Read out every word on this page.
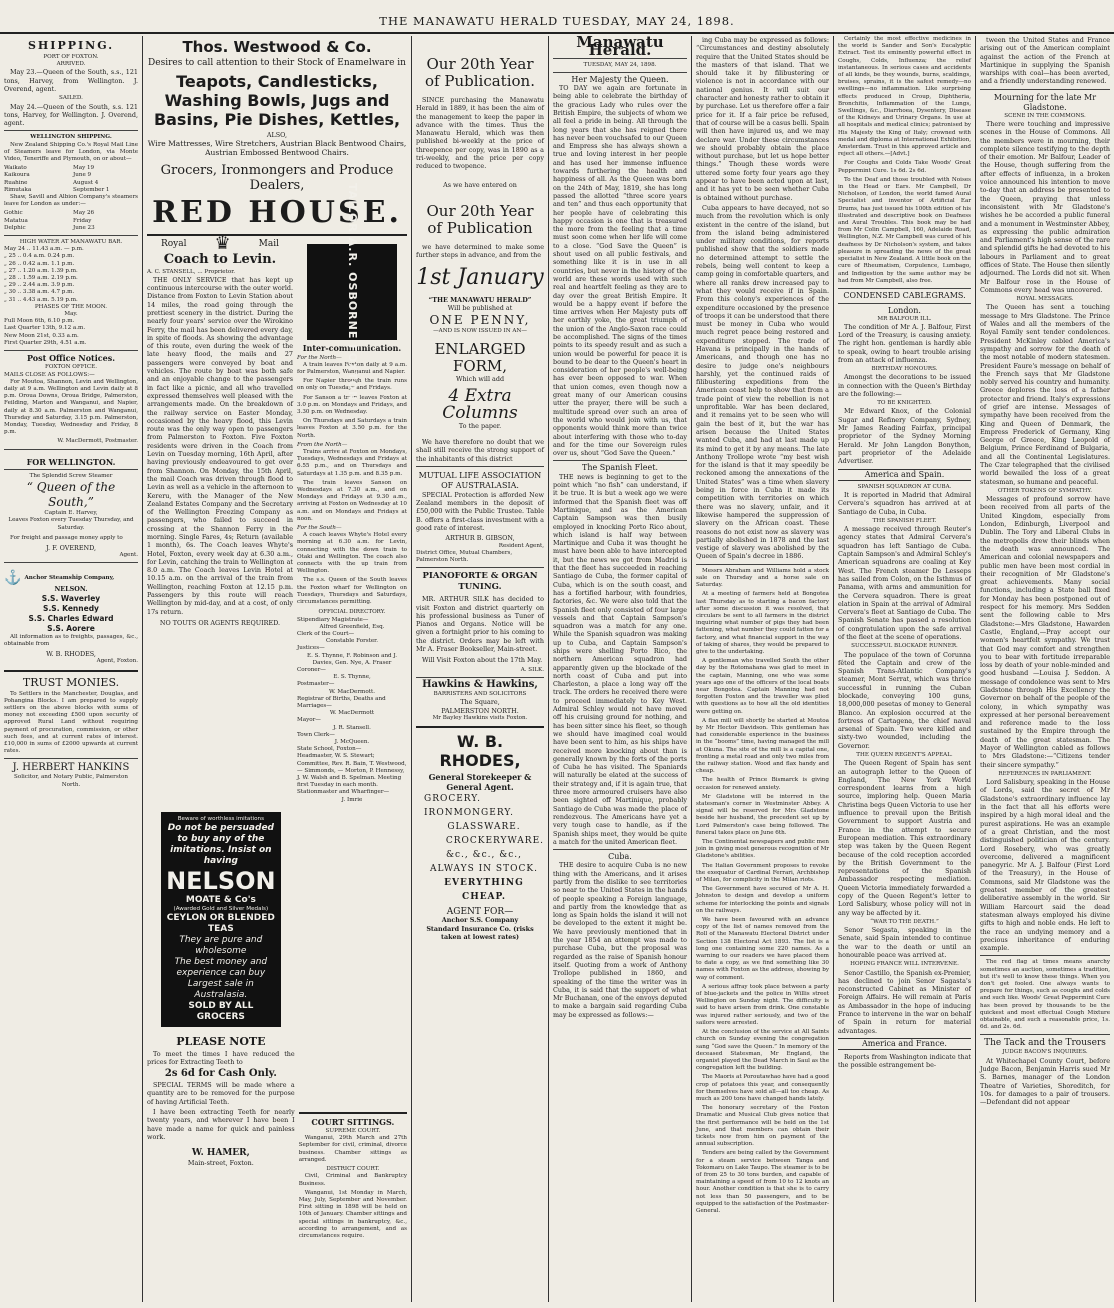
THE MANAWATU HERALD TUESDAY, MAY 24, 1898.
SHIPPING.
PORT OF FOXTON.
ARRIVED.
May 23.—Queen of the South, s.s., 121 tons, Harvey, from Wellington. J. Overend, agent.
SAILED.
May 24.—Queen of the South, s.s. 121 tons, Harvey, for Wellington. J. Overend, agent.
WELLINGTON SHIPPING.
New Zealand Shipping Co.'s Royal Mail Line of Steamers leave for London, via Monte Video, Teneriffe and Plymouth, on or about—
Waikato	May 19
Kaikoura	June 9
Ruahine	August 4
Rimutaka	September 1
Shaw, Savill and Albion Company's steamers leave for London as under:—
Gothic	May 26
Matatua	Friday
Delphic	June 23
HIGH WATER AT MANAWATU BAR.
May 24 .. 11.43 a.m. — p.m.
„ 25 .. 0.4 a.m. 0.24 p.m.
„ 26 .. 0.42 a.m. 1.1 p.m.
„ 27 .. 1.20 a.m. 1.39 p.m.
„ 28 .. 1.59 a.m. 2.19 p.m.
„ 29 .. 2.44 a.m. 3.9 p.m.
„ 30 .. 3.38 a.m. 4.7 p.m.
„ 31 .. 4.43 a.m. 5.19 p.m.
PHASES OF THE MOON.
May.
Full Moon 6th, 6.10 p.m.
Last Quarter 13th, 9.12 a.m.
New Moon 21st, 0.33 a.m.
First Quarter 29th, 4.51 a.m.
Post Office Notices.
FOXTON OFFICE.
MAILS CLOSE AS FOLLOWS:—
For Moutoa, Shannon, Levin and Wellington, daily at 9 a.m. Wellington and Levin daily at 8 p.m. Oroua Downs, Oroua Bridge, Palmerston, Feilding, Marton and Wanganui, and Napier, daily at 8.30 a.m. Palmerston and Wanganui, Thursday and Saturday, 3.15 p.m. Palmerston, Monday, Tuesday, Wednesday and Friday, 8 p.m.
W. MacDermott, Postmaster.
FOR WELLINGTON.
The Splendid Screw Steamer
“ Queen of the South,”
Captain E. Harvey,
Leaves Foxton every Tuesday Thursday, and Saturday.
For freight and passage money apply to
J. F. OVEREND,
Agent.
⚓ Anchor Steamship Company,
NELSON.
S.S. Waverley
S.S. Kennedy
S.S. Charles Edward
S.S. Aorere
All information as to freights, passages, &c., obtainable from
W. B. RHODES,
Agent, Foxton.
TRUST MONIES.
To Settlers in the Manchester, Douglas, and Pohangina Blocks. I am prepared to supply settlers on the above blocks with sums of money not exceeding £500 upon security of approved Rural Land without requiring payment of procuration, commission, or other such fees, and at current rates of interest. £10,000 in sums of £2000 upwards at current rates.
J. HERBERT HANKINS
Solicitor, and Notary Public, Palmerston North.
Thos. Westwood & Co.
Desires to call attention to their Stock of Enamelware in
Teapots, Candlesticks, Washing Bowls, Jugs and Basins, Pie Dishes, Kettles,
ALSO,
Wire Mattresses, Wire Stretchers, Austrian Black Bentwood Chairs, Austrian Embossed Bentwood Chairs.
Grocers, Ironmongers and Produce Dealers,
RED HOUSE.
Royal ♛	Mail
Coach to Levin.
A. C. STANSELL, ... Proprietor.
THE ONLY SERVICE that has kept up continuous intercourse with the outer world. Distance from Foxton to Levin Station about 14 miles, the road going through the prettiest scenery in the district. During the nearly four years' service over the Wirokino Ferry, the mail has been delivered every day, in spite of floods. As showing the advantage of this route, even during the week of the late heavy flood, the mails and 27 passengers were conveyed by boat and vehicles. The route by boat was both safe and an enjoyable change to the passengers in fact like a picnic, and all who travelled expressed themselves well pleased with the arrangements made. On the breakdown of the railway service on Easter Monday, occasioned by the heavy flood, this Levin route was the only way open to passengers from Palmerston to Foxton. Five Foxton residents were driven in the Coach from Levin on Tuesday morning, 16th April, after having previously endeavoured to get over from Shannon. On Monday, the 15th April, the mail Coach was driven through flood to Levin as well as a vehicle in the afternoon to Kereru, with the Manager of the New Zealand Estates Company and the Secretary of the Wellington Freezing Company as passengers, who failed to succeed in crossing at the Shannon Ferry in the morning. Single Fares, 4s; Return (available 1 month), 6s. The Coach leaves Whyte's Hotel, Foxton, every week day at 6.30 a.m., for Levin, catching the train to Wellington at 8.0 a.m. The Coach leaves Levin Hotel at 10.15 a.m. on the arrival of the train from Wellington, reaching Foxton at 12.15 p.m. Passengers by this route will reach Wellington by mid-day, and at a cost, of only 17s return.
NO TOUTS OR AGENTS REQUIRED.
TAILOR A.R. OSBORNE FOXTON
Inter-communication.
For the North—
A train leaves Foxton daily at 9 a.m. for Palmerston, Wanganui and Napier.
For Napier through the train runs on only on Tuesdays and Fridays.
For Sanson a train leaves Foxton at 3.0 p.m. on Mondays and Fridays, and 3.30 p.m. on Wednesday.
On Thursdays and Saturdays a train leaves Foxton at 3.50 p.m. for the North.
From the North—
Trains arrive at Foxton on Mondays, Tuesdays, Wednesdays and Fridays at 6.55 p.m., and on Thursdays and Saturdays at 1.35 p.m. and 8.35 p.m.
The train leaves Sanson on Wednesdays at 7.30 a.m., and on Mondays and Fridays at 9.30 a.m., arriving at Foxton on Wednesday at 10 a.m. and on Mondays and Fridays at noon.
For the South—
A coach leaves Whyte's Hotel every morning at 6.30 a.m. for Levin, connecting with the down train to Otaki and Wellington. The coach also connects with the up train from Wellington.
The s.s. Queen of the South leaves the Foxton wharf for Wellington on Tuesdays, Thursdays and Saturdays, circumstances permitting.
OFFICIAL DIRECTORY.
Stipendiary Magistrate—
Alfred Greenfield, Esq.
Clerk of the Court—
Constable Forster.
Justices—
E. S. Thynne, F. Robinson and J. Davies, Gen. Nye, A. Fraser
Coroner—
E. S. Thynne,
Postmaster—
W. MacDermott.
Registrar of Births, Deaths and Marriages—
W. MacDermott
Mayor—
J. R. Stansell.
Town Clerk—
J. McQueen.
State School, Foxton—
Headmaster, W. S. Stewart; Committee, Rev. R. Bain, T. Westwood, — Simmonds, — Morton, P. Hennessy, J. W. Walsh and B. Spelman. Meeting first Tuesday in each month.
Stationmaster and Wharfinger—
J. Imrie
Beware of worthless imitations
Do not be persuaded to buy any of the imitations. Insist on having
NELSON
MOATE & Co's
(Awarded Gold and Silver Medals)
CEYLON OR BLENDED TEAS
They are pure and wholesome
The best money and experience can buy
Largest sale in Australasia.
SOLD BY ALL GROCERS
PLEASE NOTE
To meet the times I have reduced the prices for Extracting Teeth to
2s 6d for Cash Only.
SPECIAL TERMS will be made where a quantity are to be removed for the purpose of having Artificial Teeth.
I have been extracting Teeth for nearly twenty years, and wherever I have been I have made a name for quick and painless work.
W. HAMER,
Main-street, Foxton.
COURT SITTINGS.
SUPREME COURT.
Wanganui, 29th March and 27th September for civil, criminal, divorce business. Chamber sittings as arranged.
DISTRICT COURT.
Civil, Criminal and Bankruptcy Business.
Wanganui, 1st Monday in March, May, July, September and November. First sitting in 1898 will be held on 10th of January. Chamber sittings and special sittings in bankruptcy, &c., according to arrangement, and as circumstances require.
Our 20th Year
of Publication.
SINCE purchasing the Manawatu Herald in 1889, it has been the aim of the management to keep the paper in advance with the times. Thus the Manawatu Herald, which was then published bi-weekly at the price of threepence per copy, was in 1890 as a tri-weekly, and the price per copy reduced to twopence.
As we have entered on
Our 20th Year
of Publication
we have determined to make some further steps in advance, and from the
1st January
“THE MANAWATU HERALD”
Will be published at
ONE PENNY,
—AND IS NOW ISSUED IN AN—
ENLARGED FORM,
Which will add
4 Extra Columns
To the paper.
We have therefore no doubt that we shall still receive the strong support of the inhabitants of this district
MUTUAL LIFE ASSOCIATION OF AUSTRALASIA.
SPECIAL Protection is afforded New Zealand members in the deposit of £50,000 with the Public Trustee. Table B. offers a first-class investment with a good rate of interest.
ARTHUR B. GIBSON,
Resident Agent,
District Office, Mutual Chambers, Palmerston North.
PIANOFORTE & ORGAN TUNING.
MR. ARTHUR SILK has decided to visit Foxton and district quarterly on his professional business as Tuner of Pianos and Organs. Notice will be given a fortnight prior to his coming to the district. Orders may be left with Mr A. Fraser Bookseller, Main-street.
Will Visit Foxton about the 17th May.
A. SILK.
Hawkins & Hawkins,
BARRISTERS AND SOLICITORS
The Square,
PALMERSTON NORTH.
Mr Bayley Hawkins visits Foxton.
W. B. RHODES,
General Storekeeper & General Agent.
GROCERY.
IRONMONGERY.
GLASSWARE.
CROCKERYWARE.
&c., &c., &c.,
ALWAYS IN STOCK.
EVERYTHING CHEAP.
AGENT FOR—
Anchor S.S. Company
Standard Insurance Co. (risks taken at lowest rates)
Manawatu Herald.
TUESDAY, MAY 24, 1898.
Her Majesty the Queen.
TO DAY we again are fortunate in being able to celebrate the birthday of the gracious Lady who rules over the British Empire, the subjects of whom we all feel a pride in being. All through the long years that she has reigned there has never been vouchsafed to our Queen and Empress she has always shown a true and loving interest in her people and has used her immense influence towards furthering the health and happiness of all. As the Queen was born on the 24th of May, 1819, she has long passed the allotted “three score years and ten” and thus each opportunity that her people have of celebrating this happy occasion is one that is treasured the more from the feeling that a time must soon come when her life will come to a close. “God Save the Queen” is shout used on all public festivals, and something like it is in use in all countries, but never in the history of the world are these words used with such real and heartfelt feeling as they are to day over the great British Empire. It would be a happy event if before the time arrives when Her Majesty puts off her earthly yoke, the great triumph of the union of the Anglo-Saxon race could be accomplished. The signs of the times points to its speedy result and as such a union would be powerful for peace it is bound to be dear to the Queen's heart in consideration of her people's well-being has ever been opposed to war. When that union comes, even though now a great many of our American cousins utter the prayer, there will be such a multitude spread over such an area of the world who would join with us, that opponents would think more than twice about interfering with those who to-day and for the time our Sovereign rules over us, shout “God Save the Queen.”
The Spanish Fleet.
THE news is beginning to get to the point which “no fish” can understand, if it be true. It is but a week ago we were informed that the Spanish fleet was off Martinique, and as the American Captain Sampson was then busily employed in knocking Porto Rico about, which island is half way between Martinique and Cuba it was thought he must have been able to have intercepted it, but the news we got from Madrid is that the fleet has succeeded in reaching Santiago de Cuba, the former capital of Cuba, which is on the south coast, and has a fortified harbour, with foundries, factories, &c. We were also told that the Spanish fleet only consisted of four large vessels and that Captain Sampson's squadron was a match for any one. While the Spanish squadron was making up to Cuba, and Captain Sampson's ships were shelling Porto Rico, the northern American squadron had apparently given up the blockade of the north coast of Cuba and put into Charleston, a place a long way off the track. The orders he received there were to proceed immediately to Key West. Admiral Schley would not have moved off his cruising ground for nothing, and has been sitter since his fleet, so though we should have imagined coal would have been sent to him, as his ships have received more knocking about than is generally known by the forts of the ports of Cuba he has visited. The Spaniards will naturally be elated at the success of their strategy and, if it is again true, that three more armoured cruisers have also been sighted off Martinique, probably Santiago de Cuba was made the place of rendezvous. The Americans have yet a very tough case to handle, as if the Spanish ships meet, they would be quite a match for the united American fleet.
Cuba.
THE desire to acquire Cuba is no new thing with the Americans, and it arises partly from the dislike to see territories so near to the United States in the hands of people speaking a Foreign language, and partly from the knowledge that as long as Spain holds the island it will not be developed to the extent it might be. We have previously mentioned that in the year 1854 an attempt was made to purchase Cuba, but the proposal was regarded as the raise of Spanish honour itself. Quoting from a work of Anthony Trollope published in 1860, and speaking of the time the writer was in Cuba, it is said that the support of what Mr Buchanan, one of the envoys deputed to make a bargain said regarding Cuba may be expressed as follows:—
ing Cuba may be expressed as follows: “Circumstances and destiny absolutely require that the United States should be the masters of that island. That we should take it by filibustering or violence is not in accordance with our national genius. It will suit our character and honesty rather to obtain it by purchase. Let us therefore offer a fair price for it. If a fair price be refused, that of course will be a casus belli. Spain will then have injured us, and we may declare war. Under these circumstances we should probably obtain the place without purchase, but let us hope better things.” Though these words were uttered some forty four years ago they appear to have been acted upon at last, and it has yet to be seen whether Cuba is obtained without purchase.
Cuba appears to have decayed, not so much from the revolution which is only existent in the centre of the island, but from the island being administered under military conditions, for reports published show that the soldiers made no determined attempt to settle the rebels, being well content to keep a camp going in comfortable quarters, and where all ranks drew increased pay to what they would receive if in Spain. From this colony's experiences of the expenditure occasioned by the presence of troops it can be understood that there must be money in Cuba who would much regret peace being restored and expenditure stopped. The trade of Havana is principally in the hands of Americans, and though one has no desire to judge one's neighbours harshly, yet the continued raids of filibustering expeditions from the American coast help to show that from a trade point of view the rebellion is not unprofitable. War has been declared, and it remains yet to be seen who will gain the best of it, but the war has arisen because the United States wanted Cuba, and had at last made up its mind to get it by any means. The late Anthony Trollope wrote “my best wish for the island is that it may speedily be reckoned among the annexations of the United States” was a time when slavery being in force in Cuba it made its competition with territories on which there was no slavery, unfair, and it likewise hampered the suppression of slavery on the African coast. These reasons do not exist now as slavery was partially abolished in 1878 and the last vestige of slavery was abolished by the Queen of Spain's decree in 1886.
Messrs Abraham and Williams hold a stock sale on Thursday and a horse sale on Saturday.
At a meeting of farmers held at Bongotea last Thursday as to starting a bacon factory after some discussion it was resolved, that circulars be sent to all farmers in the district inquiring what number of pigs they had been fattening, what number they could fatten for a factory, and what financial support in the way of taking of shares, they would be prepared to give to the undertaking.
A gentleman who travelled South the other day by the Rotomahana was glad to meet in the captain, Manning, one who was some years ago one of the officers of the local boats near Bongotea. Captain Manning had not forgotten Foxton and the traveller was plied with questions as to how all the old identities were getting on.
A flax mill will shortly be started at Moutoa by Mr Hector Davidson. This gentleman has had considerable experience in the business in the “booms” time, having managed the mill at Okuna. The site of the mill is a capital one, fronting a metal road and only two miles from the railway station. Wood and flax handy and cheap.
The health of Prince Bismarck is giving occasion for renewed anxiety.
Mr Gladstone will be interred in the statesman's corner in Westminster Abbey. A signal will be reserved for Mrs Gladstone beside her husband, the precedent set up by Lord Palmerston's case being followed. The funeral takes place on June 6th.
The Continental newspapers and public men join in giving most generous recognition of Mr Gladstone's abilities.
The Italian Government proposes to revoke the exequatur of Cardinal Ferrari, Archbishop of Milan, for complicity in the Milan riots.
The Government have secured of Mr A. H. Johnston to design and develop a uniform scheme for interlocking the points and signals on the railways.
We have been favoured with an advance copy of the list of names removed from the Roll of the Manawatu Electoral District under Section 138 Electoral Act 1893. The list is a long one containing some 220 names. As a warning to our readers we have placed them to date a copy, as we find something like 30 names with Foxton as the address, showing by way of comment.
A serious affray took place between a party of blue-jackets and the police in Willis street Wellington on Sunday night. The difficulty is said to have arisen from drink. One constable was injured rather seriously, and two of the sailors were arrested.
At the conclusion of the service at All Saints church on Sunday evening the congregation sang “God save the Queen.” In memory of the deceased Statesman, Mr England, the organist played the Dead March in Saul as the congregation left the building.
The Maoris at Poroutawhao have had a good crop of potatoes this year, and consequently for themselves have sold all—all too cheap. As much as 200 tons have changed hands lately.
The honorary secretary of the Foxton Dramatic and Musical Club gives notice that the first performance will be held on the 1st June, and that members can obtain their tickets now from him on payment of the annual subscription.
Tenders are being called by the Government for a steam service between Tanga and Tokomaru on Lake Taupo. The steamer is to be of from 25 to 30 tons burden, and capable of maintaining a speed of from 10 to 12 knots an hour. Another condition is that she is to carry not less than 50 passengers, and to be equipped to the satisfaction of the Postmaster-General.
Certainly the most effective medicines in the world is Sander and Son's Eucalyptic Extract. Test its eminently powerful effect in Coughs, Colds, Influenza; the relief instantaneous. In serious cases and accidents of all kinds, be they wounds, burns, scaldings, bruises, sprains, it is the safest remedy—no swellings—no inflammation. Like surprising effects produced in Croup, Diphtheria, Bronchitis, Inflammation of the Lungs, Swellings, &c., Diarrhoea, Dysentery, Disease of the Kidneys and Urinary Organs. In use at all hospitals and medical clinics; patronised by His Majesty the King of Italy; crowned with medal and diploma at International Exhibition, Amsterdam. Trust in this approved article and reject all others.—[Advt.]
For Coughs and Colds Take Woods' Great Peppermint Cure. 1s 6d. 2s 6d.
To the Deaf and those troubled with Noises in the Head or Ears. Mr Campbell, Dr Nicholson, of London, the world famed Aural Specialist and inventor of Artificial Ear Drums, has just issued his 100th edition of his illustrated and descriptive book on Deafness and Aural Troubles. This book may be had from Mr Colin Campbell, 160, Adelaide Road, Wellington, N.Z. Mr Campbell was cured of his deafness by Dr Nicholson's system, and takes pleasure in spreading the news of the great specialist in New Zealand. A little book on the cure of Rheumatism, Corpulence, Lumbago, and Indigestion by the same author may be had from Mr Campbell, also free.
CONDENSED CABLEGRAMS.
London.
MR BALFOUR ILL.
The condition of Mr A. J. Balfour, First Lord of the Treasury, is causing anxiety. The right hon. gentleman is hardly able to speak, owing to heart trouble arising from an attack of influenza.
BIRTHDAY HONOURS.
Amongst the decorations to be issued in connection with the Queen's Birthday are the following:—
TO BE KNIGHTED.
Mr Edward Knox, of the Colonial Sugar and Refinery Company, Sydney, Mr James Reading Fairfax, principal proprietor of the Sydney Morning Herald. Mr John Langdon Bonython, part proprietor of the Adelaide Advertiser.
America and Spain.
SPANISH SQUADRON AT CUBA.
It is reported in Madrid that Admiral Cervera's squadron has arrived at at Santiago de Cuba, in Cuba.
THE SPANISH FLEET.
A message received through Reuter's agency states that Admiral Cervera's squadron has left Santiago de Cuba. Captain Sampson's and Admiral Schley's American squadrons are coaling at Key West. The French steamer De Lesseps has sailed from Colon, on the Isthmus of Panama, with arms and ammunition for the Cervera squadron. There is great elation in Spain at the arrival of Admiral Cervera's fleet at Santiago de Cuba. The Spanish Senate has passed a resolution of congratulation upon the safe arrival of the fleet at the scene of operations.
SUCCESSFUL BLOCKADE RUNNER.
The populace of the town of Corunna fêted the Captain and crew of the Spanish Trans-Atlantic Company's steamer, Mont Serrat, which was thrice successful in running the Cuban blockade, conveying 100 guns, 18,000,000 pesetas of money to General Blanco. An explosion occurred at the fortress of Cartagena, the chief naval arsenal of Spain. Two were killed and sixty-two wounded, including the Governor.
THE QUEEN REGENT'S APPEAL.
The Queen Regent of Spain has sent an autograph letter to the Queen of England, The New York World correspondent learns from a high source, imploring help. Queen Maria Christina begs Queen Victoria to use her influence to prevail upon the British Government to support Austria and France in the attempt to secure European mediation. This extraordinary step was taken by the Queen Regent because of the cold reception accorded by the British Government to the representations of the Spanish Ambassador respecting mediation. Queen Victoria immediately forwarded a copy of the Queen Regent's letter to Lord Salisbury, whose policy will not in any way be affected by it.
“WAR TO THE DEATH.”
Senor Segasta, speaking in the Senate, said Spain intended to continue the war to the death or until an honourable peace was arrived at.
HOPING FRANCE WILL INTERVENE.
Senor Castillo, the Spanish ex-Premier, has declined to join Senor Sagasta's reconstructed Cabinet as Minister of Foreign Affairs. He will remain at Paris as Ambassador in the hope of inducing France to intervene in the war on behalf of Spain in return for material advantages.
America and France.
Reports from Washington indicate that the possible estrangement be-
tween the United States and France arising out of the American complaint against the action of the French at Martinique in supplying the Spanish warships with coal—has been averted, and a friendly understanding renewed.
Mourning for the late Mr Gladstone.
SCENE IN THE COMMONS.
There were touching and impressive scenes in the House of Commons. All the members were in mourning, their complete silence testifying to the depth of their emotion. Mr Balfour, Leader of the House, though suffering from the after effects of influenza, in a broken voice announced his intention to move to-day that an address be presented to the Queen, praying that unless inconsistent with Mr Gladstone's wishes he be accorded a public funeral and a monument in Westminster Abbey, as expressing the public admiration and Parliament's high sense of the rare and splendid gifts he had devoted to his labours in Parliament and to great offices of State. The House then silently adjourned. The Lords did not sit. When Mr Balfour rose in the House of Commons every head was uncovered.
ROYAL MESSAGES.
The Queen has sent a touching message to Mrs Gladstone. The Prince of Wales and all the members of the Royal Family sent tender condolences. President McKinley cabled America's sympathy and sorrow for the death of the most notable of modern statesmen. President Faure's message on behalf of the French says that Mr Gladstone nobly served his country and humanity. Greece deplores the loss of a father protector and friend. Italy's expressions of grief are intense. Messages of sympathy have been received from the King and Queen of Denmark, the Empress Frederick of Germany, King George of Greece, King Leopold of Belgium, Prince Ferdinand of Bulgaria, and all the Continental Legislatures. The Czar telegraphed that the civilised world bewailed the loss of a great statesman, so humane and peaceful.
OTHER TOKENS OF SYMPATHY.
Messages of profound sorrow have been received from all parts of the United Kingdom, especially from London, Edinburgh, Liverpool and Dublin. The Tory and Liberal Clubs in the metropolis drew their blinds when the death was announced. The American and colonial newspapers and public men have been most cordial in their recognition of Mr Gladstone's great achievements. Many social functions, including a State ball fixed for Monday has been postponed out of respect for his memory. Mrs Sedden sent the following cable to Mrs Gladstone:—Mrs Gladstone, Hawarden Castle, England,—Pray accept our women's heartfelt sympathy. We trust that God may comfort and strengthen you to bear with fortitude irreparable loss by death of your noble-minded and good husband —Louisa J. Seddon. A message of condolence was sent to Mrs Gladstone through His Excellency the Governor on behalf of the people of the colony, in which sympathy was expressed at her personal bereavement and reference made to the loss sustained by the Empire through the death of the great statesman. The Mayor of Wellington cabled as follows to Mrs Gladstone:—“Citizens tender their sincere sympathy.”
REFERENCES IN PARLIAMENT.
Lord Salisbury, speaking in the House of Lords, said the secret of Mr Gladstone's extraordinary influence lay in the fact that all his efforts were inspired by a high moral ideal and the purest aspirations. He was an example of a great Christian, and the most distinguished politician of the century. Lord Rosebery, who was greatly overcome, delivered a magnificent panegyric. Mr A. J. Balfour (First Lord of the Treasury), in the House of Commons, said Mr Gladstone was the greatest member of the greatest deliberative assembly in the world. Sir William Harcourt said the dead statesman always employed his divine gifts to high and noble ends. He left to the race an undying memory and a precious inheritance of enduring example.
The red flag at times means anarchy sometimes an auction, sometimes a tradition, but it's well to know these things. When you don't get fooled. One always wants to prepare for things, such as coughs and colds and such like. Woods' Great Peppermint Cure has been proved by thousands to be the quickest and most effectual Cough Mixture obtainable, and such a reasonable price, 1s. 6d. and 2s. 6d.
The Tack and the Trousers
JUDGE BACON'S INQUIRIES.
At Whitechapel County Court, before Judge Bacon, Benjamin Harris sued Mr S. Barnes, manager of the London Theatre of Varieties, Shoreditch, for 10s. for damages to a pair of trousers.—Defendant did not appear
